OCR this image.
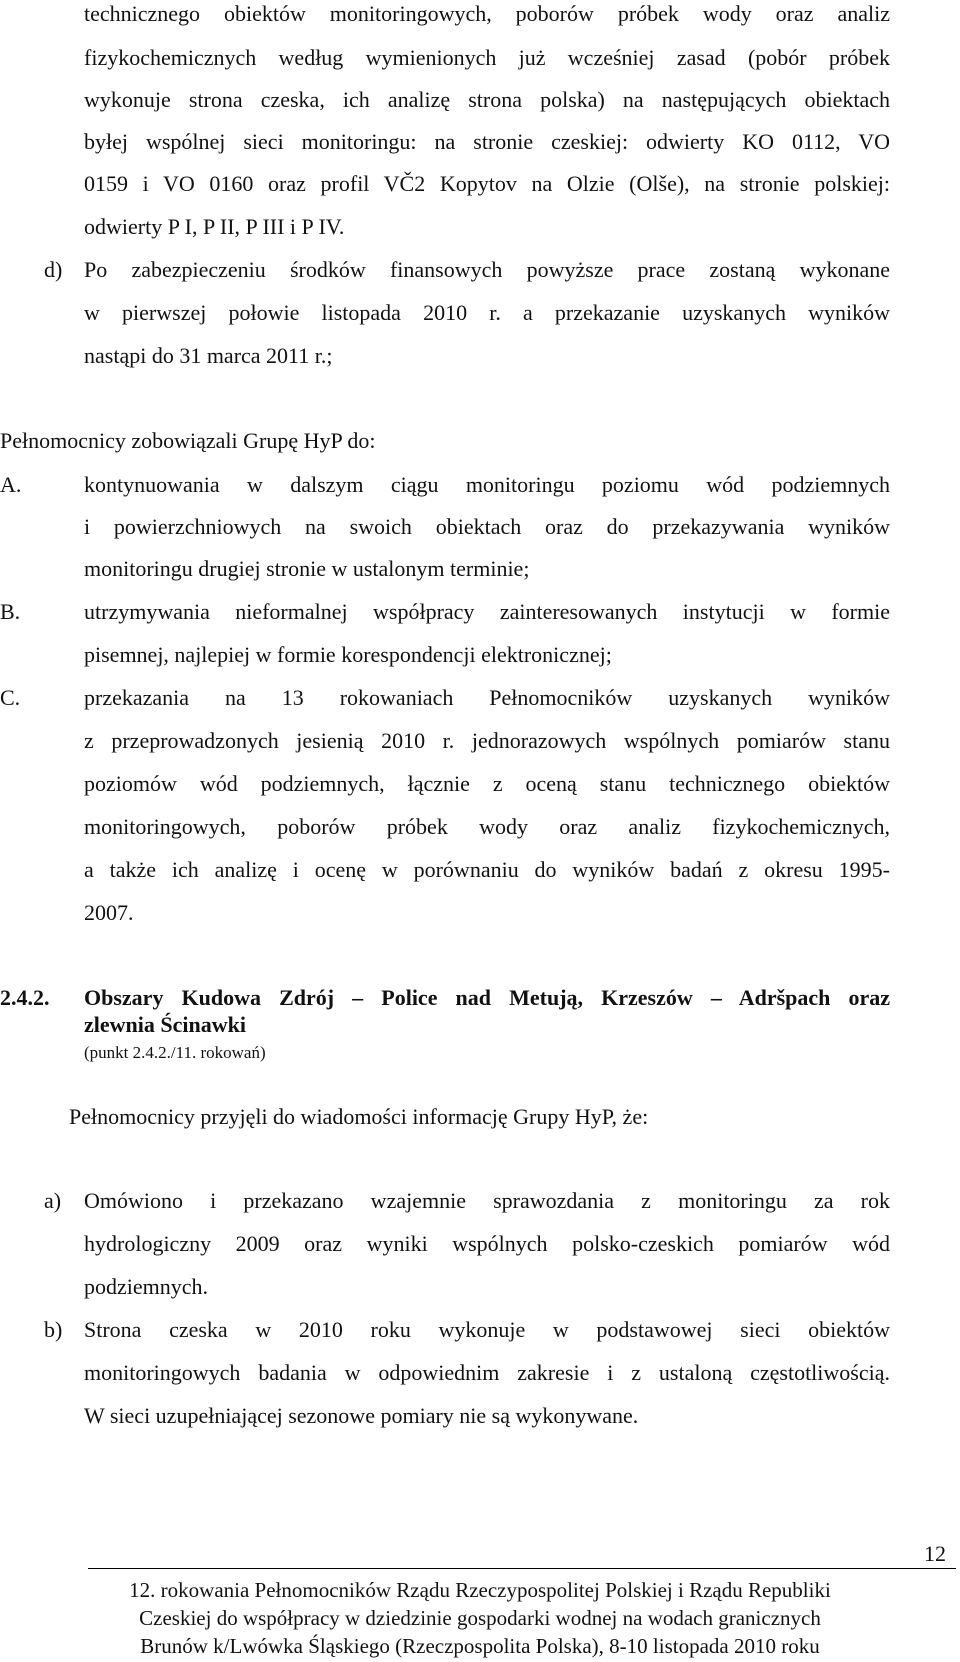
technicznego obiektów monitoringowych, poborów próbek wody oraz analiz
fizykochemicznych według wymienionych już wcześniej zasad (pobór próbek
wykonuje strona czeska, ich analizę strona polska) na następujących obiektach
byłej wspólnej sieci monitoringu: na stronie czeskiej: odwierty KO 0112, VO
0159 i VO 0160 oraz profil VČ2 Kopytov na Olzie (Olše), na stronie polskiej:
odwierty P I, P II, P III i P IV.
d) Po zabezpieczeniu środków finansowych powyższe prace zostaną wykonane
w pierwszej połowie listopada 2010 r. a przekazanie uzyskanych wyników
nastąpi do 31 marca 2011 r.;
Pełnomocnicy zobowiązali Grupę HyP do:
A.	kontynuowania w dalszym ciągu monitoringu poziomu wód podziemnych
i powierzchniowych na swoich obiektach oraz do przekazywania wyników
monitoringu drugiej stronie w ustalonym terminie;
B.	utrzymywania nieformalnej współpracy zainteresowanych instytucji w formie
pisemnej, najlepiej w formie korespondencji elektronicznej;
C.	przekazania na 13 rokowaniach Pełnomocników uzyskanych wyników
z przeprowadzonych jesienią 2010 r. jednorazowych wspólnych pomiarów stanu
poziomów wód podziemnych, łącznie z oceną stanu technicznego obiektów
monitoringowych, poborów próbek wody oraz analiz fizykochemicznych,
a także ich analizę i ocenę w porównaniu do wyników badań z okresu 1995-
2007.
2.4.2. Obszary Kudowa Zdrój – Police nad Metują, Krzeszów – Adršpach oraz
zlewnia Ścinawki
(punkt 2.4.2./11. rokowań)
Pełnomocnicy przyjęli do wiadomości informację Grupy HyP, że:
a) Omówiono i przekazano wzajemnie sprawozdania z monitoringu za rok
hydrologiczny 2009 oraz wyniki wspólnych polsko-czeskich pomiarów wód
podziemnych.
b) Strona czeska w 2010 roku wykonuje w podstawowej sieci obiektów
monitoringowych badania w odpowiednim zakresie i z ustaloną częstotliwością.
W sieci uzupełniającej sezonowe pomiary nie są wykonywane.
12
12. rokowania Pełnomocników Rządu Rzeczypospolitej Polskiej i Rządu Republiki
Czeskiej do współpracy w dziedzinie gospodarki wodnej na wodach granicznych
Brunów k/Lwówka Śląskiego (Rzeczpospolita Polska), 8-10 listopada 2010 roku
